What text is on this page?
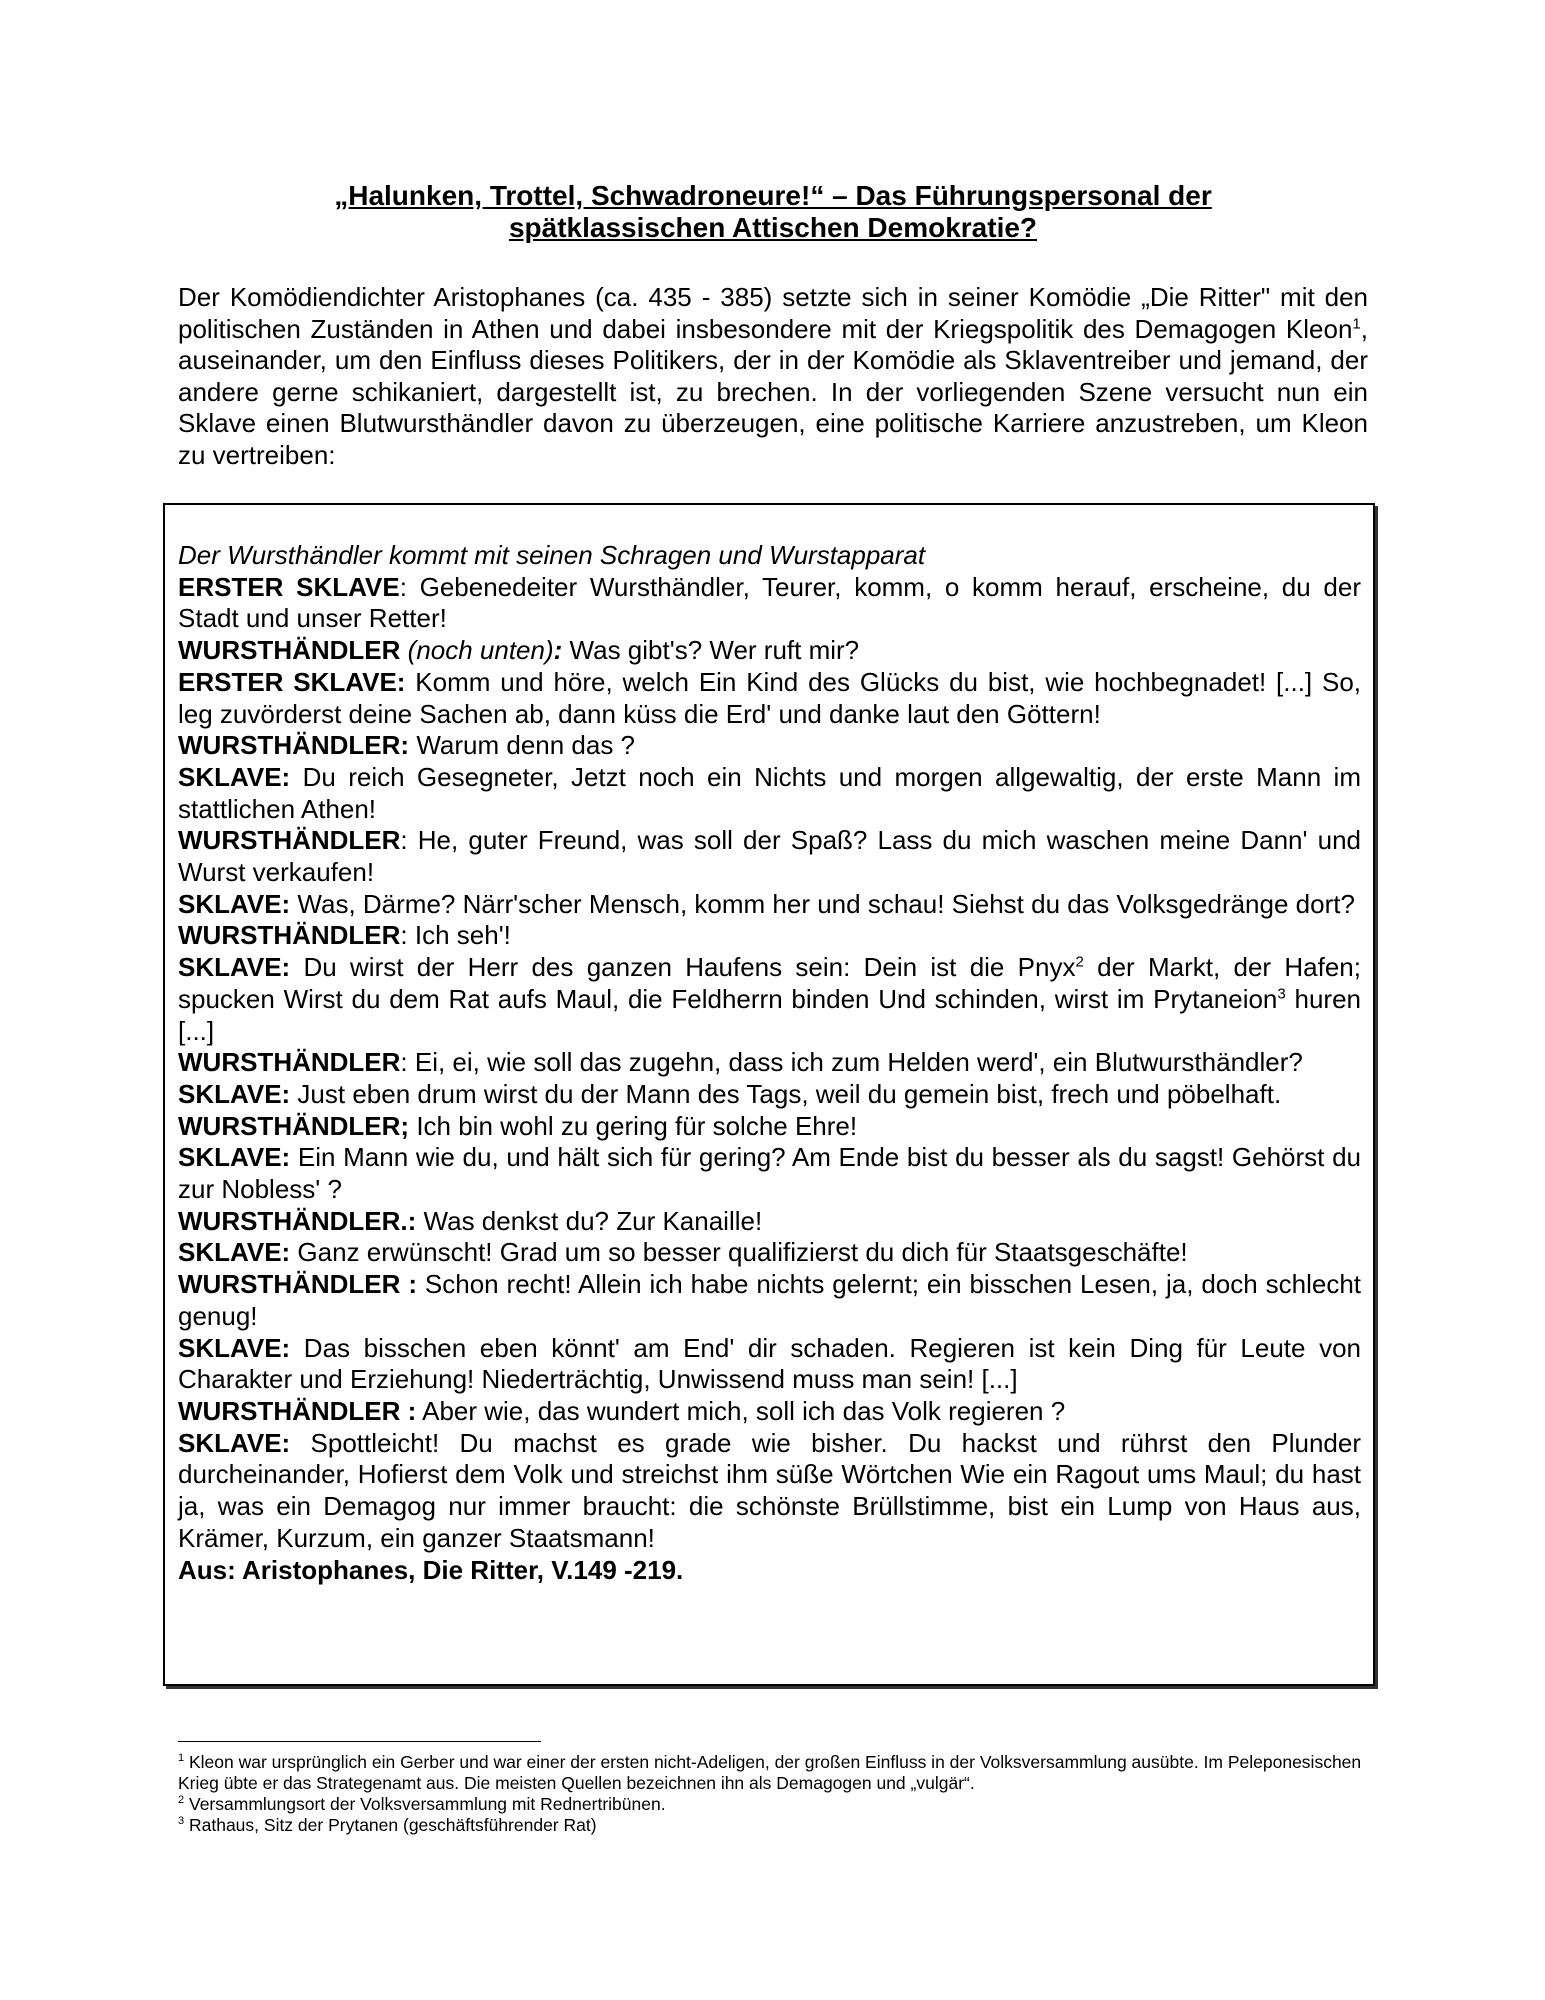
„Halunken, Trottel, Schwadroneure!“ – Das Führungspersonal der
spätklassischen Attischen Demokratie?
Der Komödiendichter Aristophanes (ca. 435 - 385) setzte sich in seiner Komödie „Die Ritter" mit den politischen Zuständen in Athen und dabei insbesondere mit der Kriegspolitik des Demagogen Kleon$^1$, auseinander, um den Einfluss dieses Politikers, der in der Komödie als Sklaventreiber und jemand, der andere gerne schikaniert, dargestellt ist, zu brechen. In der vorliegenden Szene versucht nun ein Sklave einen Blutwursthändler davon zu überzeugen, eine politische Karriere anzustreben, um Kleon zu vertreiben:

Der Wursthändler kommt mit seinen Schragen und Wurstapparat

ERSTER SKLAVE: Gebenedeiter Wursthändler, Teurer, komm, o komm herauf, erscheine, du der Stadt und unser Retter!

WURSTHÄNDLER (noch unten): Was gibt's? Wer ruft mir?

ERSTER SKLAVE: Komm und höre, welch Ein Kind des Glücks du bist, wie hochbegnadet! [...] So, leg zuvörderst deine Sachen ab, dann küss die Erd' und danke laut den Göttern!

WURSTHÄNDLER: Warum denn das ?

SKLAVE: Du reich Gesegneter, Jetzt noch ein Nichts und morgen allgewaltig, der erste Mann im stattlichen Athen!

WURSTHÄNDLER: He, guter Freund, was soll der Spaß? Lass du mich waschen meine Dann' und Wurst verkaufen!

SKLAVE: Was, Därme? Närr'scher Mensch, komm her und schau! Siehst du das Volksgedränge dort?

WURSTHÄNDLER: Ich seh'!

SKLAVE: Du wirst der Herr des ganzen Haufens sein: Dein ist die Pnyx$^2$ der Markt, der Hafen; spucken Wirst du dem Rat aufs Maul, die Feldherrn binden Und schinden, wirst im Prytaneion$^3$ huren [...]

WURSTHÄNDLER: Ei, ei, wie soll das zugehn, dass ich zum Helden werd', ein Blutwursthändler?

SKLAVE: Just eben drum wirst du der Mann des Tags, weil du gemein bist, frech und pöbelhaft.

WURSTHÄNDLER; Ich bin wohl zu gering für solche Ehre!

SKLAVE: Ein Mann wie du, und hält sich für gering? Am Ende bist du besser als du sagst! Gehörst du zur Nobless' ?

WURSTHÄNDLER.: Was denkst du? Zur Kanaille!

SKLAVE: Ganz erwünscht! Grad um so besser qualifizierst du dich für Staatsgeschäfte!

WURSTHÄNDLER : Schon recht! Allein ich habe nichts gelernt; ein bisschen Lesen, ja, doch schlecht genug!

SKLAVE: Das bisschen eben könnt' am End' dir schaden. Regieren ist kein Ding für Leute von Charakter und Erziehung! Niederträchtig, Unwissend muss man sein! [...]

WURSTHÄNDLER : Aber wie, das wundert mich, soll ich das Volk regieren ?

SKLAVE: Spottleicht! Du machst es grade wie bisher. Du hackst und rührst den Plunder durcheinander, Hofierst dem Volk und streichst ihm süße Wörtchen Wie ein Ragout ums Maul; du hast ja, was ein Demagog nur immer braucht: die schönste Brüllstimme, bist ein Lump von Haus aus, Krämer, Kurzum, ein ganzer Staatsmann!

Aus: Aristophanes, Die Ritter, V.149 -219.

$^1$ Kleon war ursprünglich ein Gerber und war einer der ersten nicht-Adeligen, der großen Einfluss in der Volksversammlung ausübte. Im Peleponesischen Krieg übte er das Strategenamt aus. Die meisten Quellen bezeichnen ihn als Demagogen und „vulgär“.

$^2$ Versammlungsort der Volksversammlung mit Rednertribünen.

$^3$ Rathaus, Sitz der Prytanen (geschäftsführender Rat)
